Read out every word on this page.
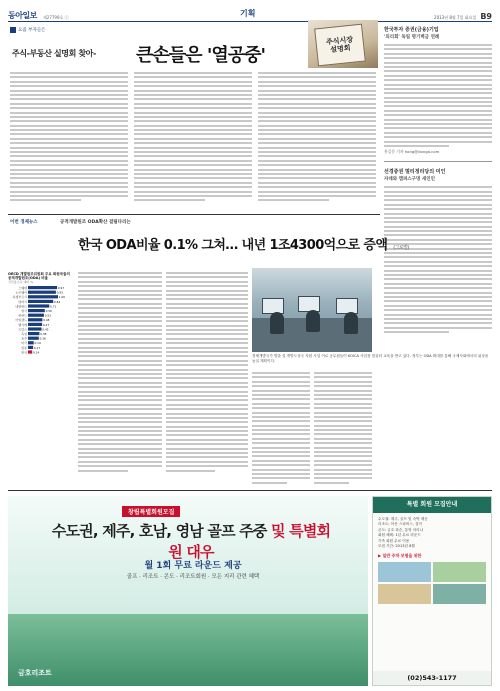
동아일보 제27799호 ⓒ	기획	2013년 8월 7일 화요일 B9
요즘 부자들은
주식-부동산 실명회 찾아- 큰손들은 '열공중'
주식시장
설명회
한국투자 증권(금융)기업
'의리회' 독립 명기벽금 연례
홍길동 기자 hong@donga.com
선경증권 멀티정리당의 미인
자데와 캠퍼스구멍 새인인
이번 경제뉴스	공적개발원조 ODA확산 걸림다리는
한국 ODA비율 0.1% 그쳐… 내년 1조4300억으로 증액 (그로벌)
OECD 개발원조위원회 주요 회원국들의 공적개발원조(ODA) 비율
국민총소득 대비 %
스웨덴	0.97
노르웨이	0.93
룩셈부르크	1.00
덴마크	0.84
네덜란드	0.71
영국	0.56
핀란드	0.53
아일랜드	0.48
벨기에	0.47
프랑스	0.45
독일	0.38
호주	0.36
미국	0.19
일본 0.17
한국 0.14
경제개발국가 발을 설 개발도상국 지원 사업 이로 공무원들이 KOICA 사업장 컴퓨터 교육을 받고 있다. 정부는 ODA 확대를 통해 국제사회에서의 위상을 높일 계획이다.
창립특별회원모집
수도권, 제주, 호남, 영남 골프 주중 및 특별회원 대우
월 1회 무료 라운드 제공
골프 · 리조트 · 콘도 · 리조트회원 · 모든 지리 관련 혜택
금호리조트
특별 회원 모집안내
수도권: 제주, 골프 및 숙박 제공
리조트: 아산 스파비스, 설악
콘도: 금호 화순, 통영 마리나
회원 혜택: 1년 무료 라운드
가족 회원 무료 이용
모집 기간: 2013년 8월
▶ 일반 주차 보험을 위한
(02)543-1177
